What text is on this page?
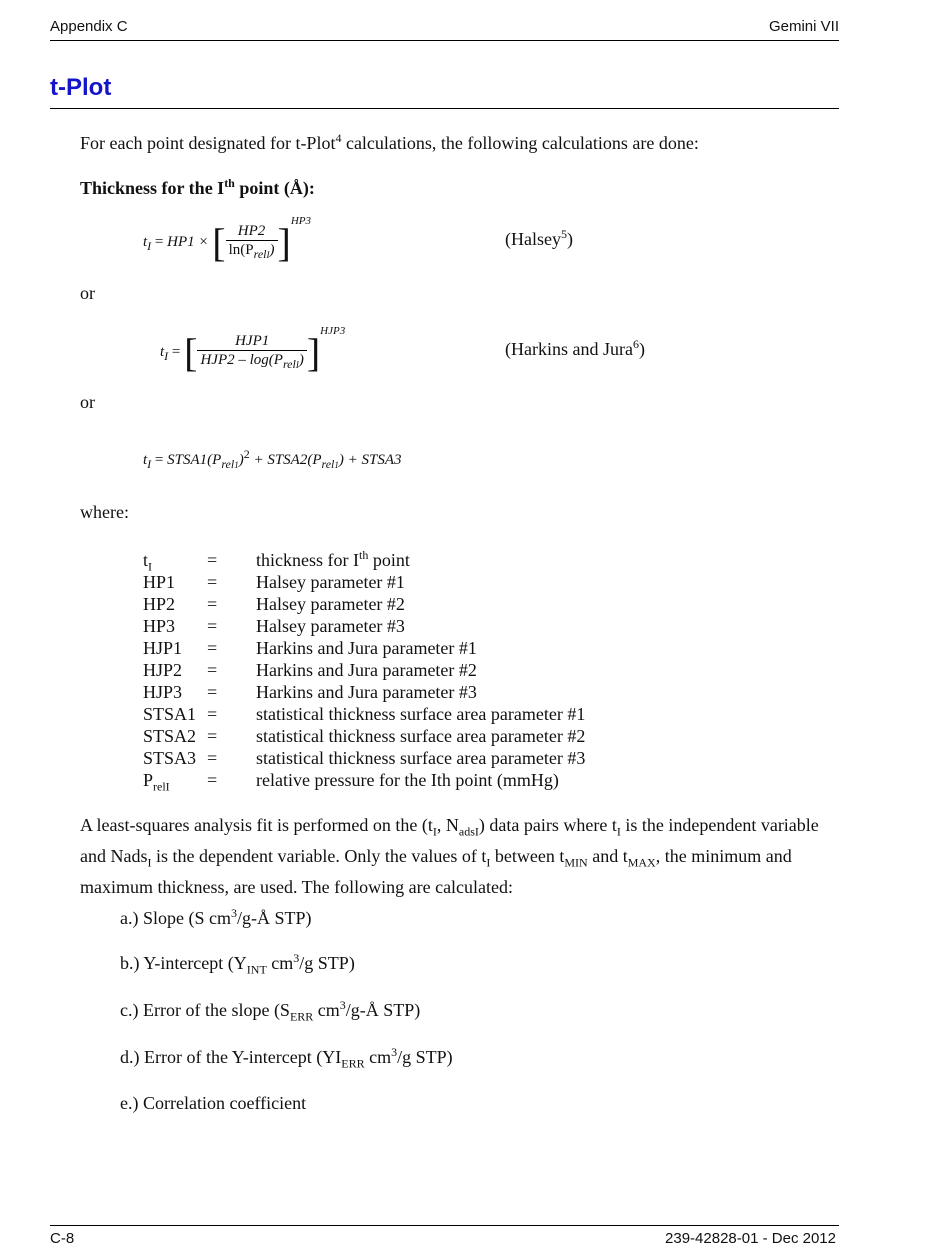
Appendix C	Gemini VII
t-Plot
For each point designated for t-Plot$^4$ calculations, the following calculations are done:
Thickness for the Ith point (Å):
$t_I = HP1$ × [ $\frac{HP2}{\ln(P_{relI})} ]^{HP3}$
(Halsey$^5$)
or
$t_I$ = [ $\frac{\text{HJP1}}{HJP2 - \log(P_{relI})} ]^{HJP3}$
(Harkins and Jura$^6$)
or
$t_I$ = $STSA1(P_{rel1})^2$ + $STSA2(P_{rel1})$ + STSA3
where:
$t_I$	= thickness for Ith point
HP1 = Halsey parameter #1
HP2 = Halsey parameter #2
HP3 = Halsey parameter #3
HJP1 = Harkins and Jura parameter #1
HJP2 = Harkins and Jura parameter #2
HJP3 = Harkins and Jura parameter #3
STSA1 = statistical thickness surface area parameter #1
STSA2 = statistical thickness surface area parameter #2
STSA3 = statistical thickness surface area parameter #3
$P_{relI}$ = relative pressure for the Ith point (mmHg)
A least-squares analysis fit is performed on the ($t_I$, $N_{adsI}$) data pairs where $t_I$ is the independent variable
and Nads$_I$ is the dependent variable. Only the values of $t_I$ between $t_{MIN}$ and $t_{MAX}$, the minimum and
maximum thickness, are used. The following are calculated:
a.) Slope (S $cm^3/g-Å$ STP)
b.) Y-intercept ($Y_{INT}$ $cm^3/g$ STP)
c.) Error of the slope ($S_{ERR}$ $cm^3/g-Å$ STP)
d.) Error of the Y-intercept ($YI_{ERR}$ $cm^3/g$ STP)
e.) Correlation coefficient
C-8	239-42828-01 - Dec 2012
